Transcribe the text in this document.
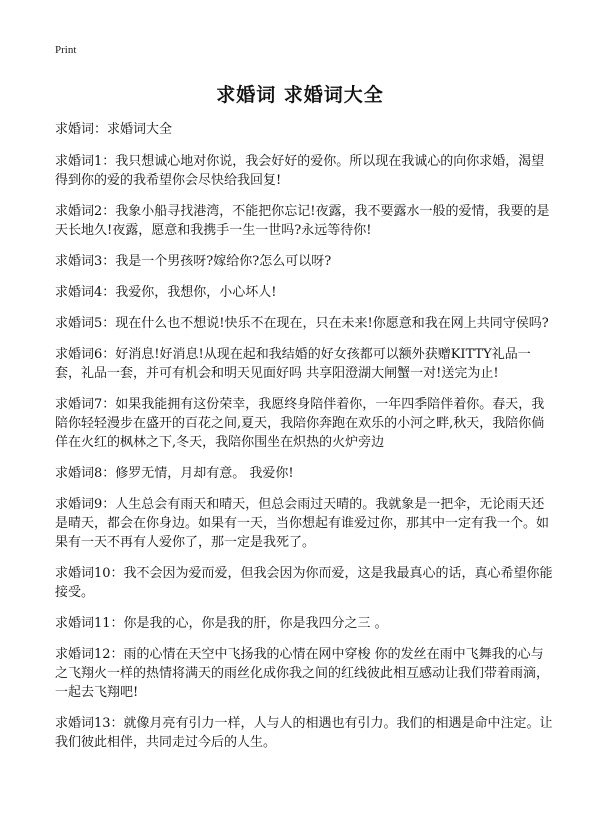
Print
求婚词 求婚词大全

求婚词：求婚词大全

求婚词1：我只想诚心地对你说，我会好好的爱你。所以现在我诚心的向你求婚，渴望得到你的爱的我希望你会尽快给我回复!

求婚词2：我象小船寻找港湾，不能把你忘记!夜露，我不要露水一般的爱情，我要的是天长地久!夜露，愿意和我携手一生一世吗?永远等待你!

求婚词3：我是一个男孩呀?嫁给你?怎么可以呀?

求婚词4：我爱你，我想你，小心坏人!

求婚词5：现在什么也不想说!快乐不在现在，只在未来!你愿意和我在网上共同守侯吗?

求婚词6：好消息!好消息!从现在起和我结婚的好女孩都可以额外获赠KITTY礼品一套，礼品一套，并可有机会和明天见面好吗 共享阳澄湖大闸蟹一对!送完为止!

求婚词7：如果我能拥有这份荣幸，我愿终身陪伴着你，一年四季陪伴着你。春天，我陪你轻轻漫步在盛开的百花之间,夏天，我陪你奔跑在欢乐的小河之畔,秋天，我陪你倘佯在火红的枫林之下,冬天，我陪你围坐在炽热的火炉旁边

求婚词8：修罗无情，月却有意。 我爱你!

求婚词9：人生总会有雨天和晴天，但总会雨过天晴的。我就象是一把伞，无论雨天还是晴天，都会在你身边。如果有一天，当你想起有谁爱过你，那其中一定有我一个。如果有一天不再有人爱你了，那一定是我死了。

求婚词10：我不会因为爱而爱，但我会因为你而爱，这是我最真心的话，真心希望你能接受。

求婚词11：你是我的心，你是我的肝，你是我四分之三 。

求婚词12：雨的心情在天空中飞扬我的心情在网中穿梭 你的发丝在雨中飞舞我的心与之飞翔火一样的热情将满天的雨丝化成你我之间的红线彼此相互感动让我们带着雨滴，一起去飞翔吧!

求婚词13：就像月亮有引力一样，人与人的相遇也有引力。我们的相遇是命中注定。让我们彼此相伴，共同走过今后的人生。
